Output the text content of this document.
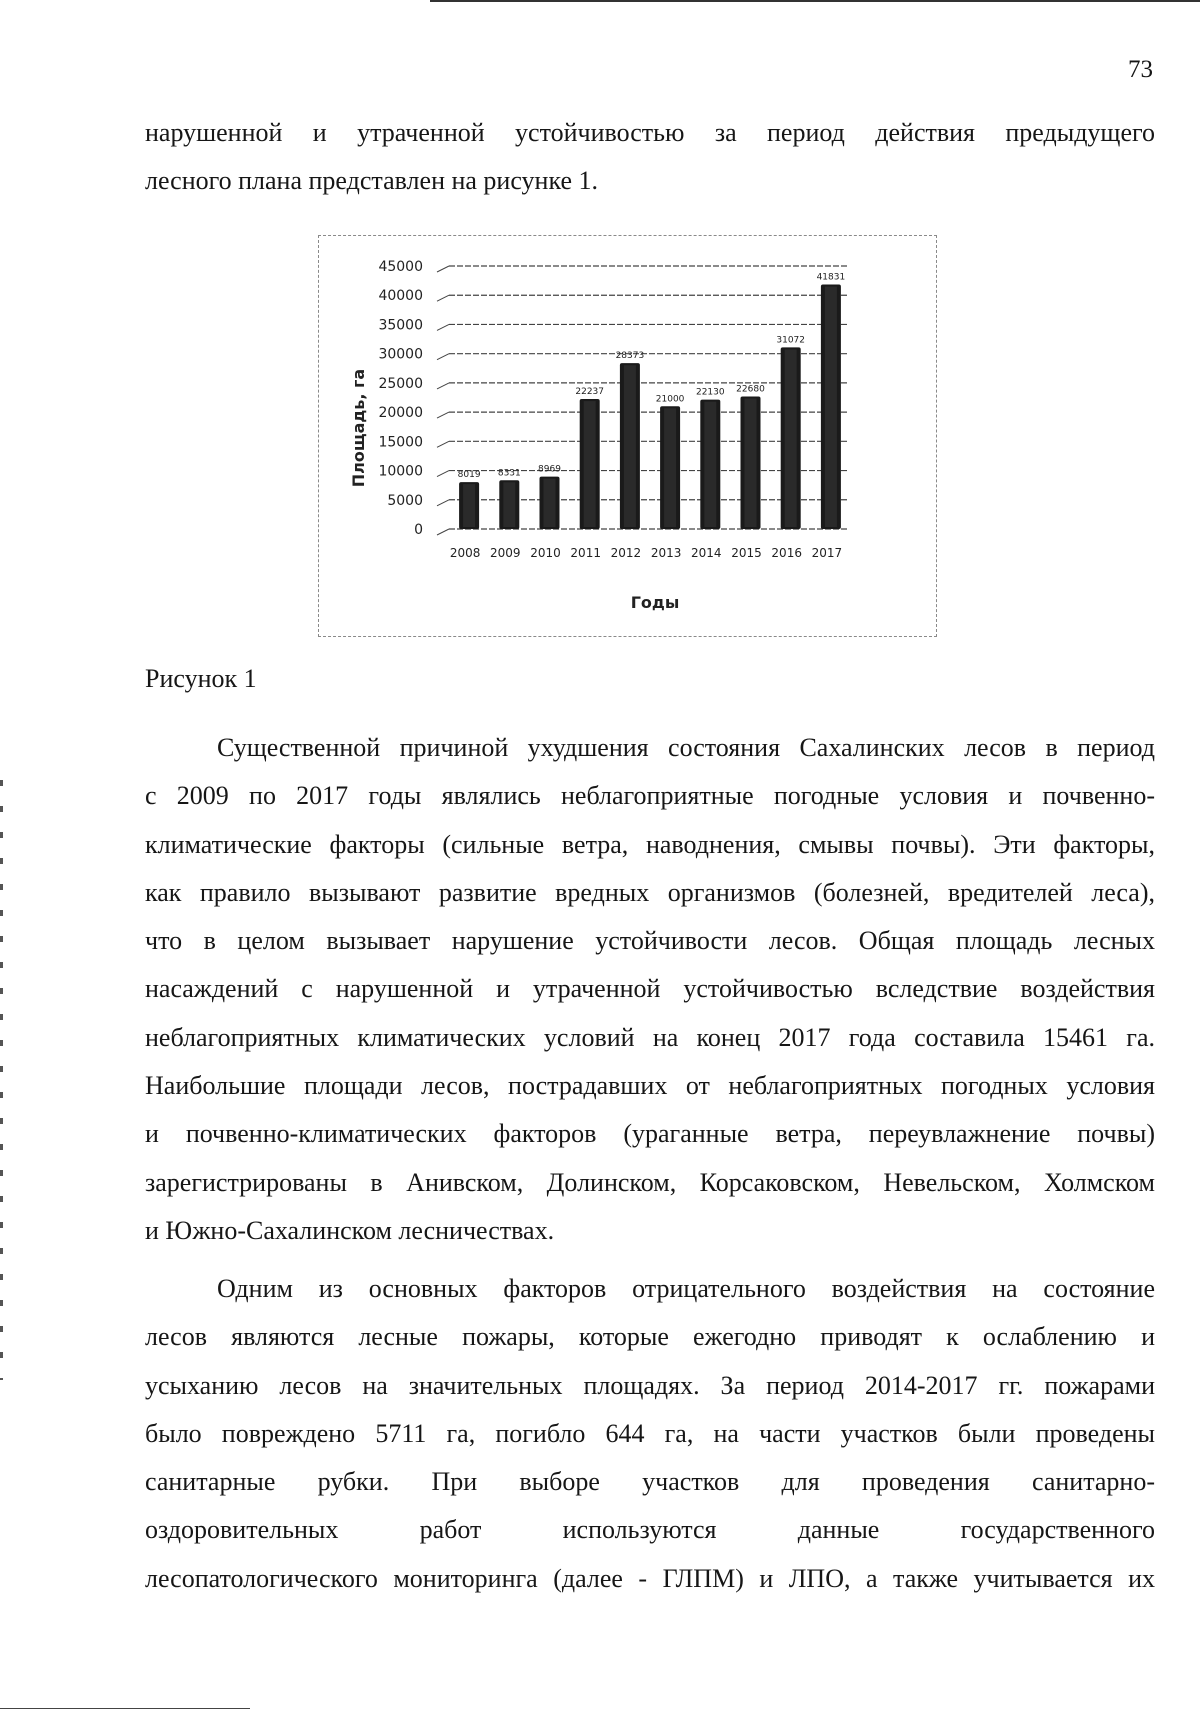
73
нарушенной и утраченной устойчивостью за период действия предыдущего
лесного плана представлен на рисунке 1.
0
5000
10000
15000
20000
25000
30000
35000
40000
45000
8019 8331 8969
22237
28373
21000
22130 22680
31072
41831
2008 2009 2010 2011 2012 2013 2014 2015 2016 2017
Площадь, га
Годы
Рисунок 1
Существенной причиной ухудшения состояния Сахалинских лесов в период
с 2009 по 2017 годы являлись неблагоприятные погодные условия и почвенно-
климатические факторы (сильные ветра, наводнения, смывы почвы). Эти факторы,
как правило вызывают развитие вредных организмов (болезней, вредителей леса),
что в целом вызывает нарушение устойчивости лесов. Общая площадь лесных
насаждений с нарушенной и утраченной устойчивостью вследствие воздействия
неблагоприятных климатических условий на конец 2017 года составила 15461 га.
Наибольшие площади лесов, пострадавших от неблагоприятных погодных условия
и почвенно-климатических факторов (ураганные ветра, переувлажнение почвы)
зарегистрированы в Анивском, Долинском, Корсаковском, Невельском, Холмском
и Южно-Сахалинском лесничествах.
Одним из основных факторов отрицательного воздействия на состояние
лесов являются лесные пожары, которые ежегодно приводят к ослаблению и
усыханию лесов на значительных площадях. За период 2014-2017 гг. пожарами
было повреждено 5711 га, погибло 644 га, на части участков были проведены
санитарные рубки. При выборе участков для проведения санитарно-
оздоровительных работ используются данные государственного
лесопатологического мониторинга (далее - ГЛПМ) и ЛПО, а также учитывается их
